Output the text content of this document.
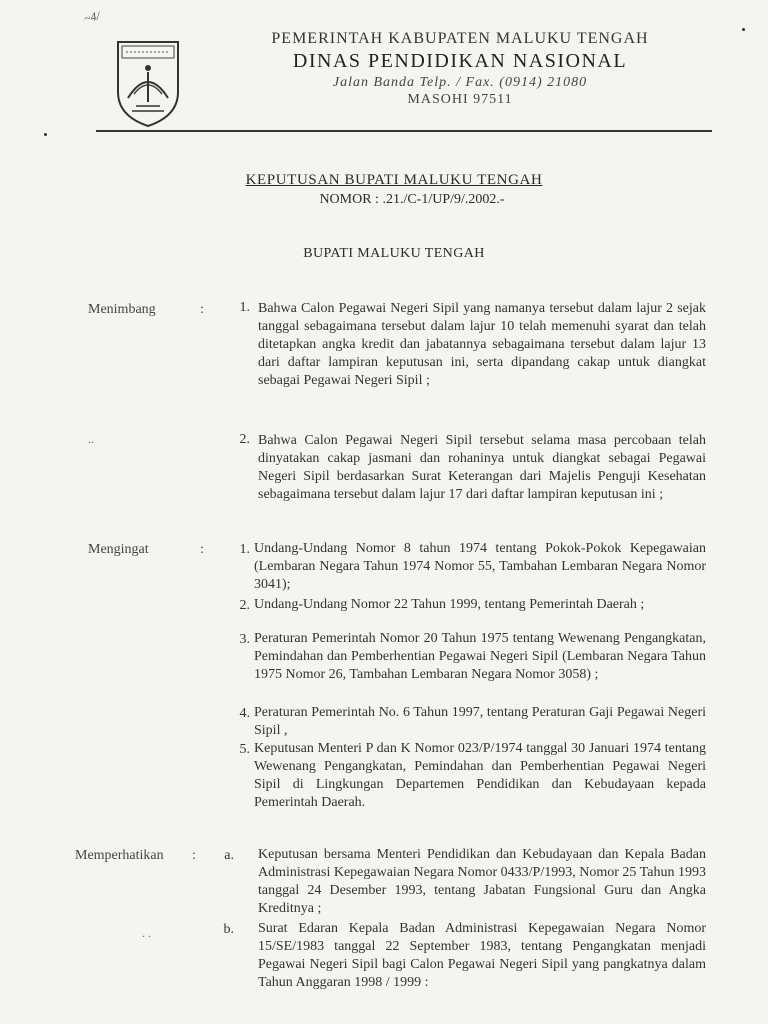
~4/
PEMERINTAH KABUPATEN MALUKU TENGAH
DINAS PENDIDIKAN NASIONAL
Jalan Banda Telp. / Fax. (0914) 21080
MASOHI 97511
KEPUTUSAN BUPATI MALUKU TENGAH
NOMOR : .21./C-1/UP/9/.2002.-
BUPATI MALUKU TENGAH
Menimbang	:	1. Bahwa Calon Pegawai Negeri Sipil yang namanya tersebut dalam lajur 2 sejak tanggal sebagaimana tersebut dalam lajur 10 telah memenuhi syarat dan telah ditetapkan angka kredit dan jabatannya sebagaimana tersebut dalam lajur 13 dari daftar lampiran keputusan ini, serta dipandang cakap untuk diangkat sebagai Pegawai Negeri Sipil ;

..	2. Bahwa Calon Pegawai Negeri Sipil tersebut selama masa percobaan telah dinyatakan cakap jasmani dan rohaninya untuk diangkat sebagai Pegawai Negeri Sipil berdasarkan Surat Keterangan dari Majelis Penguji Kesehatan sebagaimana tersebut dalam lajur 17 dari daftar lampiran keputusan ini ;

Mengingat	:	1. Undang-Undang Nomor 8 tahun 1974 tentang Pokok-Pokok Kepegawaian (Lembaran Negara Tahun 1974 Nomor 55, Tambahan Lembaran Negara Nomor 3041);

2. Undang-Undang Nomor 22 Tahun 1999, tentang Pemerintah Daerah ;

3. Peraturan Pemerintah Nomor 20 Tahun 1975 tentang Wewenang Pengangkatan, Pemindahan dan Pemberhentian Pegawai Negeri Sipil (Lembaran Negara Tahun 1975 Nomor 26, Tambahan Lembaran Negara Nomor 3058) ;

4. Peraturan Pemerintah No. 6 Tahun 1997, tentang Peraturan Gaji Pegawai Negeri Sipil ,

5. Keputusan Menteri P dan K Nomor 023/P/1974 tanggal 30 Januari 1974 tentang Wewenang Pengangkatan, Pemindahan dan Pemberhentian Pegawai Negeri Sipil di Lingkungan Departemen Pendidikan dan Kebudayaan kepada Pemerintah Daerah.

Memperhatikan :	a. Keputusan bersama Menteri Pendidikan dan Kebudayaan dan Kepala Badan Administrasi Kepegawaian Negara Nomor 0433/P/1993, Nomor 25 Tahun 1993 tanggal 24 Desember 1993, tentang Jabatan Fungsional Guru dan Angka Kreditnya ;

. .	b. Surat Edaran Kepala Badan Administrasi Kepegawaian Negara Nomor 15/SE/1983 tanggal 22 September 1983, tentang Pengangkatan menjadi Pegawai Negeri Sipil bagi Calon Pegawai Negeri Sipil yang pangkatnya dalam Tahun Anggaran 1998 / 1999 :
